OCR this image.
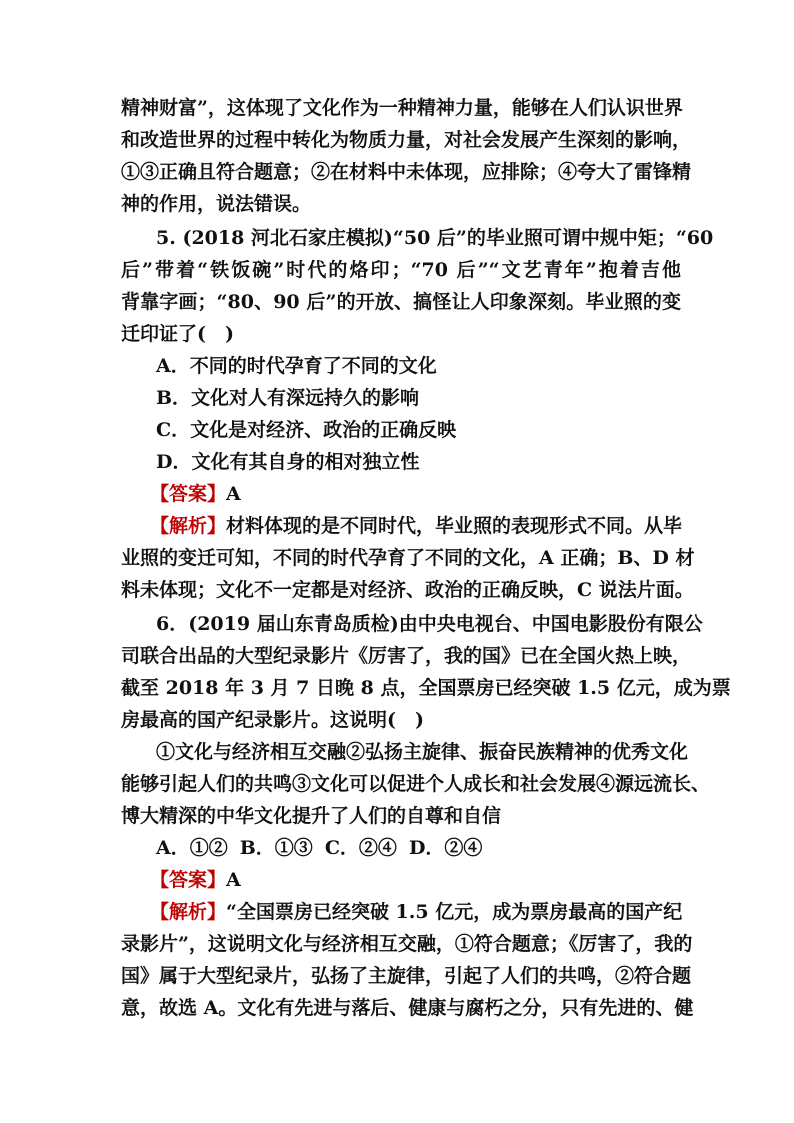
精神财富”，这体现了文化作为一种精神力量，能够在人们认识世界
和改造世界的过程中转化为物质力量，对社会发展产生深刻的影响，
①③正确且符合题意；②在材料中未体现，应排除；④夸大了雷锋精
神的作用，说法错误。
5. (2018 河北石家庄模拟)“50 后”的毕业照可谓中规中矩；“60
后”带着“铁饭碗”时代的烙印；“70 后”“文艺青年”抱着吉他
背靠字画；“80、90 后”的开放、搞怪让人印象深刻。毕业照的变
迁印证了(　)
A．不同的时代孕育了不同的文化
B．文化对人有深远持久的影响
C．文化是对经济、政治的正确反映
D．文化有其自身的相对独立性
【答案】A
【解析】材料体现的是不同时代，毕业照的表现形式不同。从毕
业照的变迁可知，不同的时代孕育了不同的文化，A 正确；B、D 材
料未体现；文化不一定都是对经济、政治的正确反映，C 说法片面。
6．(2019 届山东青岛质检)由中央电视台、中国电影股份有限公
司联合出品的大型纪录影片《厉害了，我的国》已在全国火热上映，
截至 2018 年 3 月 7 日晚 8 点，全国票房已经突破 1.5 亿元，成为票
房最高的国产纪录影片。这说明(　)
①文化与经济相互交融②弘扬主旋律、振奋民族精神的优秀文化
能够引起人们的共鸣③文化可以促进个人成长和社会发展④源远流长、
博大精深的中华文化提升了人们的自尊和自信
A．①② B．①③ C．②④ D．②④
【答案】A
【解析】“全国票房已经突破 1.5 亿元，成为票房最高的国产纪
录影片”，这说明文化与经济相互交融，①符合题意；《厉害了，我的
国》属于大型纪录片，弘扬了主旋律，引起了人们的共鸣，②符合题
意，故选 A。文化有先进与落后、健康与腐朽之分，只有先进的、健
